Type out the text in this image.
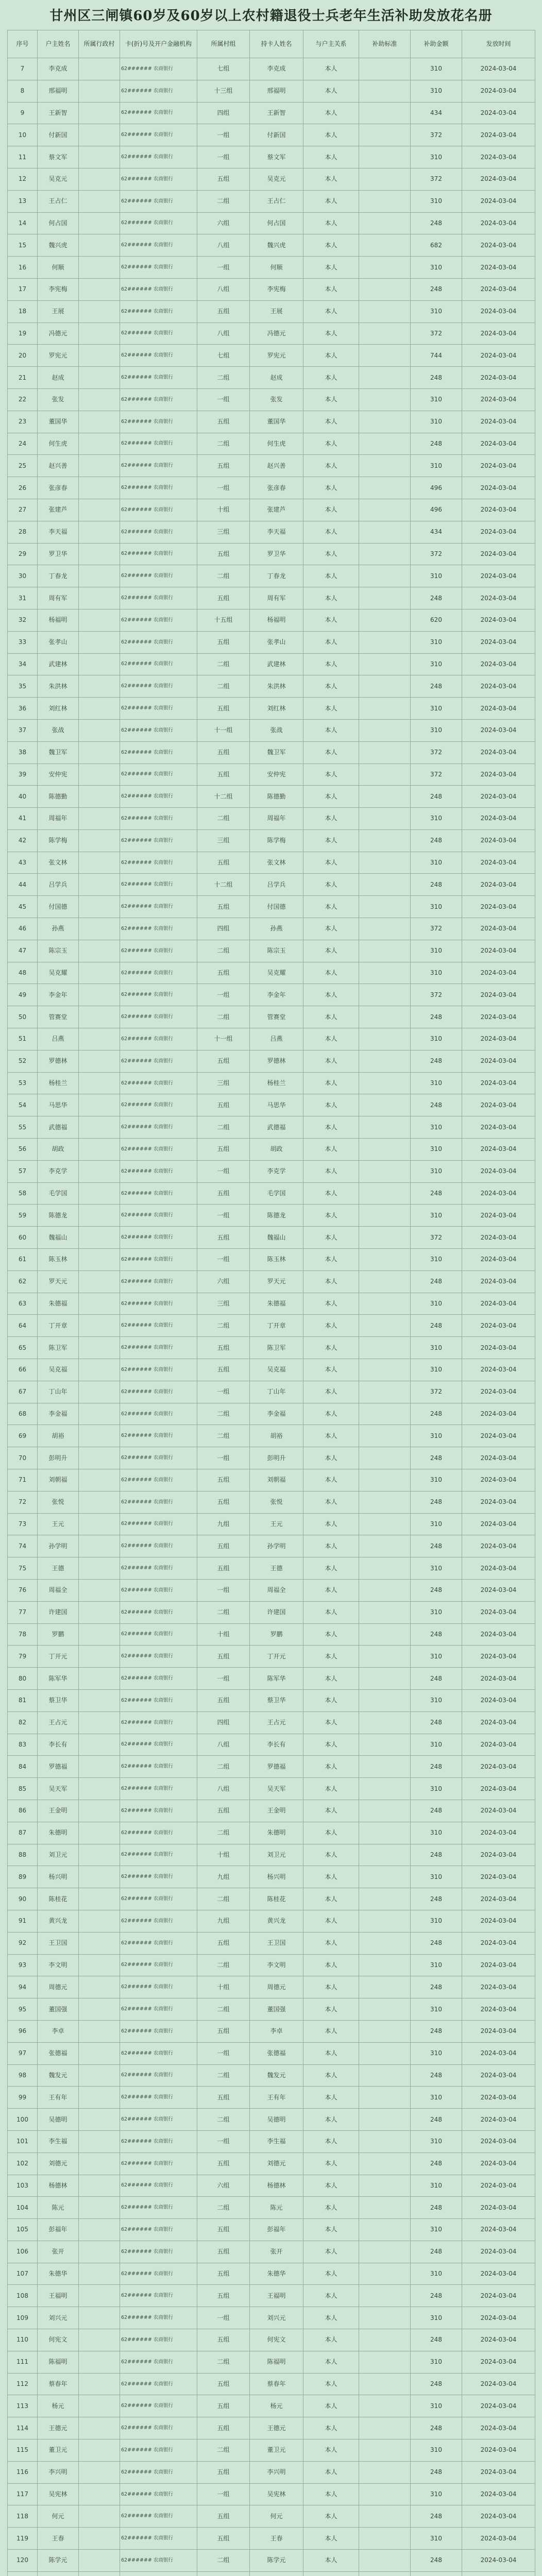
甘州区三闸镇60岁及60岁以上农村籍退役士兵老年生活补助发放花名册
序号	户主姓名	所属行政村	卡(折)号及开户金融机构	所属村组	持卡人姓名	与户主关系	补助标准	补助金额	发放时间
7	李克成		62###### 农商银行	七组	李克成	本人		310	2024-03-04
8	邢福明		62###### 农商银行	十三组	邢福明	本人		310	2024-03-04
9	王新智		62###### 农商银行	四组	王新智	本人		434	2024-03-04
10	付新国		62###### 农商银行	一组	付新国	本人		372	2024-03-04
11	蔡文军		62###### 农商银行	一组	蔡文军	本人		310	2024-03-04
12	吴克元		62###### 农商银行	五组	吴克元	本人		372	2024-03-04
13	王占仁		62###### 农商银行	二组	王占仁	本人		310	2024-03-04
14	何占国		62###### 农商银行	六组	何占国	本人		248	2024-03-04
15	魏兴虎		62###### 农商银行	八组	魏兴虎	本人		682	2024-03-04
16	何顺		62###### 农商银行	一组	何顺	本人		310	2024-03-04
17	李宪梅		62###### 农商银行	八组	李宪梅	本人		248	2024-03-04
18	王展		62###### 农商银行	五组	王展	本人		310	2024-03-04
19	冯德元		62###### 农商银行	八组	冯德元	本人		372	2024-03-04
20	罗宪元		62###### 农商银行	七组	罗宪元	本人		744	2024-03-04
21	赵成		62###### 农商银行	二组	赵成	本人		248	2024-03-04
22	张发		62###### 农商银行	一组	张发	本人		310	2024-03-04
23	董国华		62###### 农商银行	五组	董国华	本人		310	2024-03-04
24	何生虎		62###### 农商银行	二组	何生虎	本人		248	2024-03-04
25	赵兴善		62###### 农商银行	五组	赵兴善	本人		310	2024-03-04
26	张彦春		62###### 农商银行	一组	张彦春	本人		496	2024-03-04
27	张建芦		62###### 农商银行	十组	张建芦	本人		496	2024-03-04
28	李天福		62###### 农商银行	三组	李天福	本人		434	2024-03-04
29	罗卫华		62###### 农商银行	五组	罗卫华	本人		372	2024-03-04
30	丁春龙		62###### 农商银行	二组	丁春龙	本人		310	2024-03-04
31	周有军		62###### 农商银行	五组	周有军	本人		248	2024-03-04
32	杨福明		62###### 农商银行	十五组	杨福明	本人		620	2024-03-04
33	张孝山		62###### 农商银行	五组	张孝山	本人		310	2024-03-04
34	武建林		62###### 农商银行	二组	武建林	本人		310	2024-03-04
35	朱洪林		62###### 农商银行	二组	朱洪林	本人		248	2024-03-04
36	刘红林		62###### 农商银行	五组	刘红林	本人		310	2024-03-04
37	张战		62###### 农商银行	十一组	张战	本人		310	2024-03-04
38	魏卫军		62###### 农商银行	五组	魏卫军	本人		372	2024-03-04
39	安仲宪		62###### 农商银行	五组	安仲宪	本人		372	2024-03-04
40	陈德勤		62###### 农商银行	十二组	陈德勤	本人		248	2024-03-04
41	周福年		62###### 农商银行	二组	周福年	本人		310	2024-03-04
42	陈学梅		62###### 农商银行	三组	陈学梅	本人		248	2024-03-04
43	张文林		62###### 农商银行	五组	张文林	本人		310	2024-03-04
44	吕学兵		62###### 农商银行	十二组	吕学兵	本人		248	2024-03-04
45	付国德		62###### 农商银行	五组	付国德	本人		310	2024-03-04
46	孙燕		62###### 农商银行	四组	孙燕	本人		372	2024-03-04
47	陈宗玉		62###### 农商银行	二组	陈宗玉	本人		310	2024-03-04
48	吴克耀		62###### 农商银行	五组	吴克耀	本人		310	2024-03-04
49	李金年		62###### 农商银行	一组	李金年	本人		372	2024-03-04
50	管赛堂		62###### 农商银行	二组	管赛堂	本人		248	2024-03-04
51	吕燕		62###### 农商银行	十一组	吕燕	本人		310	2024-03-04
52	罗德林		62###### 农商银行	五组	罗德林	本人		248	2024-03-04
53	杨桂兰		62###### 农商银行	三组	杨桂兰	本人		310	2024-03-04
54	马思华		62###### 农商银行	五组	马思华	本人		248	2024-03-04
55	武德福		62###### 农商银行	二组	武德福	本人		310	2024-03-04
56	胡政		62###### 农商银行	五组	胡政	本人		310	2024-03-04
57	李克学		62###### 农商银行	一组	李克学	本人		310	2024-03-04
58	毛学国		62###### 农商银行	五组	毛学国	本人		248	2024-03-04
59	陈德龙		62###### 农商银行	一组	陈德龙	本人		310	2024-03-04
60	魏福山		62###### 农商银行	五组	魏福山	本人		372	2024-03-04
61	陈玉林		62###### 农商银行	一组	陈玉林	本人		310	2024-03-04
62	罗天元		62###### 农商银行	六组	罗天元	本人		248	2024-03-04
63	朱德福		62###### 农商银行	三组	朱德福	本人		310	2024-03-04
64	丁开章		62###### 农商银行	二组	丁开章	本人		248	2024-03-04
65	陈卫军		62###### 农商银行	五组	陈卫军	本人		310	2024-03-04
66	吴克福		62###### 农商银行	五组	吴克福	本人		310	2024-03-04
67	丁山年		62###### 农商银行	一组	丁山年	本人		372	2024-03-04
68	李金福		62###### 农商银行	二组	李金福	本人		248	2024-03-04
69	胡裕		62###### 农商银行	二组	胡裕	本人		310	2024-03-04
70	彭明升		62###### 农商银行	一组	彭明升	本人		248	2024-03-04
71	刘朝福		62###### 农商银行	五组	刘朝福	本人		310	2024-03-04
72	张悦		62###### 农商银行	五组	张悦	本人		248	2024-03-04
73	王元		62###### 农商银行	九组	王元	本人		310	2024-03-04
74	孙学明		62###### 农商银行	五组	孙学明	本人		248	2024-03-04
75	王德		62###### 农商银行	五组	王德	本人		310	2024-03-04
76	周福全		62###### 农商银行	一组	周福全	本人		248	2024-03-04
77	许建国		62###### 农商银行	二组	许建国	本人		310	2024-03-04
78	罗鹏		62###### 农商银行	十组	罗鹏	本人		248	2024-03-04
79	丁开元		62###### 农商银行	五组	丁开元	本人		310	2024-03-04
80	陈军华		62###### 农商银行	一组	陈军华	本人		248	2024-03-04
81	蔡卫华		62###### 农商银行	五组	蔡卫华	本人		310	2024-03-04
82	王占元		62###### 农商银行	四组	王占元	本人		248	2024-03-04
83	李长有		62###### 农商银行	八组	李长有	本人		310	2024-03-04
84	罗德福		62###### 农商银行	二组	罗德福	本人		248	2024-03-04
85	吴天军		62###### 农商银行	八组	吴天军	本人		310	2024-03-04
86	王金明		62###### 农商银行	五组	王金明	本人		248	2024-03-04
87	朱德明		62###### 农商银行	二组	朱德明	本人		310	2024-03-04
88	刘卫元		62###### 农商银行	十组	刘卫元	本人		248	2024-03-04
89	杨兴明		62###### 农商银行	九组	杨兴明	本人		310	2024-03-04
90	陈桂花		62###### 农商银行	二组	陈桂花	本人		248	2024-03-04
91	黄兴龙		62###### 农商银行	九组	黄兴龙	本人		310	2024-03-04
92	王卫国		62###### 农商银行	五组	王卫国	本人		248	2024-03-04
93	李文明		62###### 农商银行	二组	李文明	本人		310	2024-03-04
94	周德元		62###### 农商银行	十组	周德元	本人		248	2024-03-04
95	董国强		62###### 农商银行	二组	董国强	本人		310	2024-03-04
96	李卓		62###### 农商银行	五组	李卓	本人		248	2024-03-04
97	张德福		62###### 农商银行	一组	张德福	本人		310	2024-03-04
98	魏发元		62###### 农商银行	二组	魏发元	本人		248	2024-03-04
99	王有年		62###### 农商银行	五组	王有年	本人		310	2024-03-04
100	吴德明		62###### 农商银行	二组	吴德明	本人		248	2024-03-04
101	李生福		62###### 农商银行	一组	李生福	本人		310	2024-03-04
102	刘德元		62###### 农商银行	五组	刘德元	本人		248	2024-03-04
103	杨德林		62###### 农商银行	六组	杨德林	本人		310	2024-03-04
104	陈元		62###### 农商银行	二组	陈元	本人		248	2024-03-04
105	彭福年		62###### 农商银行	五组	彭福年	本人		310	2024-03-04
106	张开		62###### 农商银行	五组	张开	本人		248	2024-03-04
107	朱德华		62###### 农商银行	五组	朱德华	本人		310	2024-03-04
108	王福明		62###### 农商银行	五组	王福明	本人		248	2024-03-04
109	刘兴元		62###### 农商银行	一组	刘兴元	本人		310	2024-03-04
110	何宪文		62###### 农商银行	五组	何宪文	本人		248	2024-03-04
111	陈福明		62###### 农商银行	二组	陈福明	本人		310	2024-03-04
112	蔡春年		62###### 农商银行	五组	蔡春年	本人		248	2024-03-04
113	杨元		62###### 农商银行	五组	杨元	本人		310	2024-03-04
114	王德元		62###### 农商银行	五组	王德元	本人		248	2024-03-04
115	董卫元		62###### 农商银行	二组	董卫元	本人		310	2024-03-04
116	李兴明		62###### 农商银行	五组	李兴明	本人		248	2024-03-04
117	吴宪林		62###### 农商银行	一组	吴宪林	本人		310	2024-03-04
118	何元		62###### 农商银行	五组	何元	本人		248	2024-03-04
119	王春		62###### 农商银行	五组	王春	本人		310	2024-03-04
120	陈学元		62###### 农商银行	二组	陈学元	本人		248	2024-03-04
